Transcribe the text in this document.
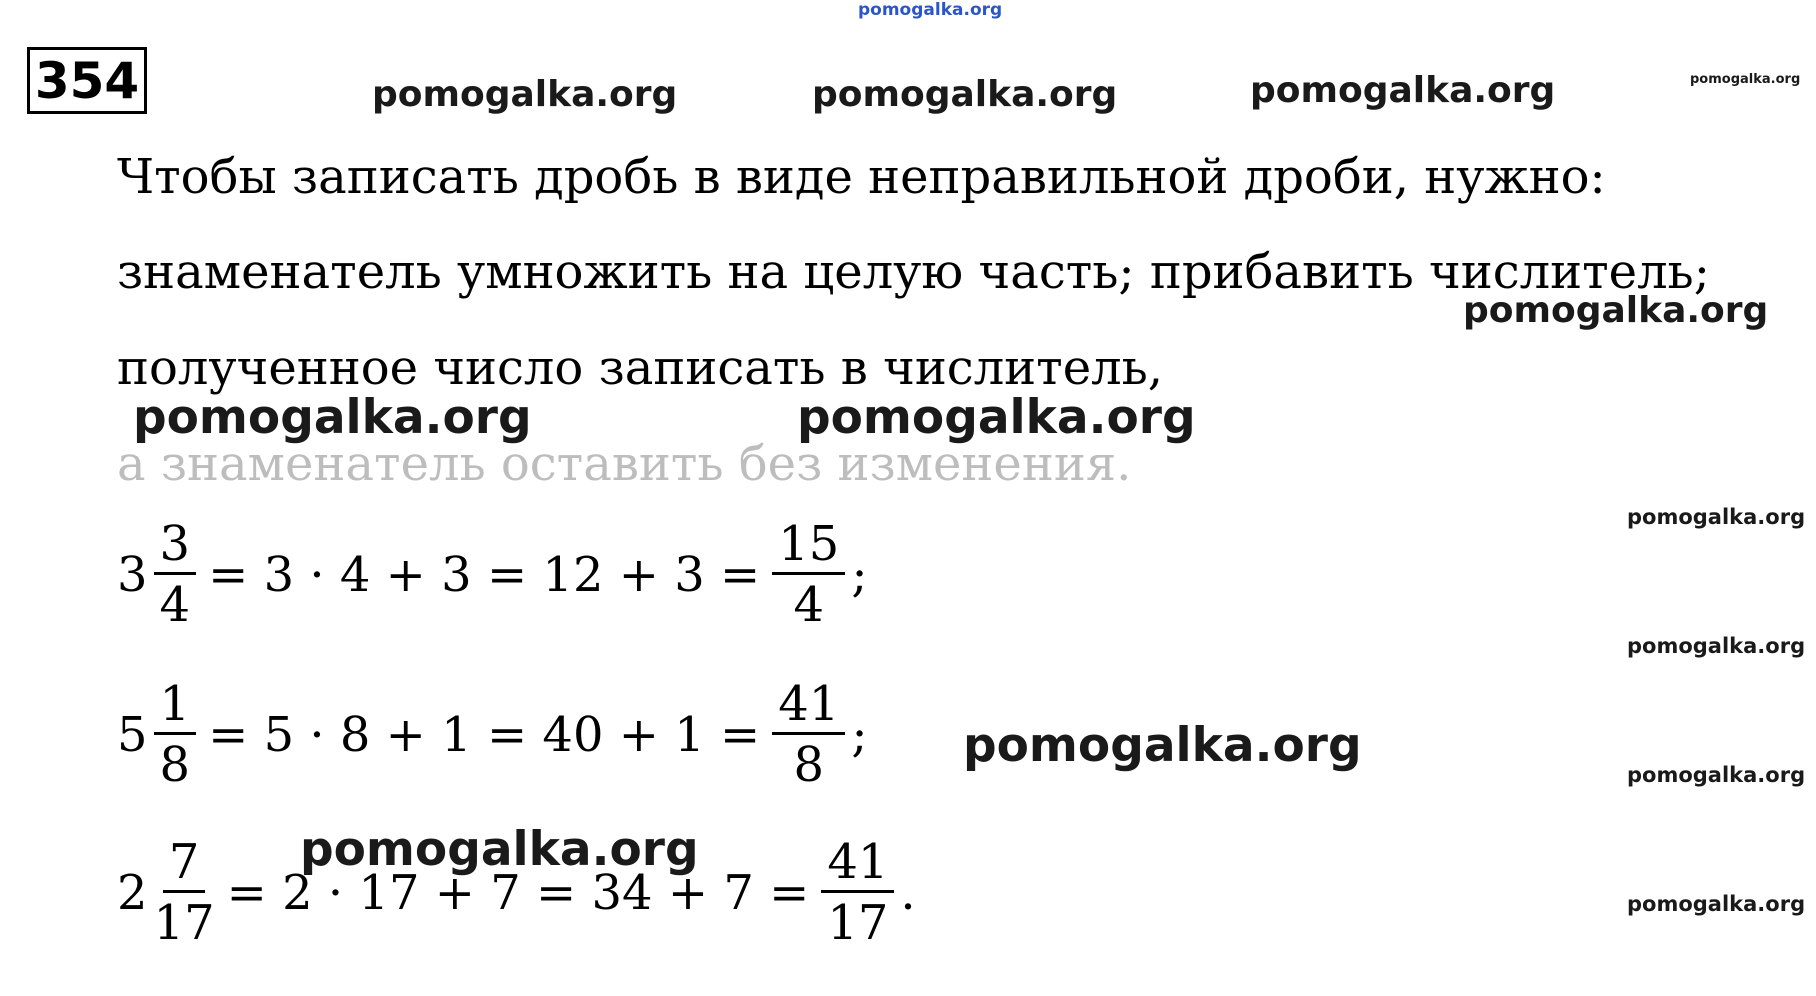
pomogalka.org
pomogalka.org	pomogalka.org	pomogalka.org	pomogalka.org
pomogalka.org
354
Чтобы записать дробь в виде неправильной дроби, нужно:
знаменатель умножить на целую часть; прибавить числитель;
полученное число записать в числитель,
а знаменатель оставить без изменения.
pomogalka.org	pomogalka.org
pomogalka.org
pomogalka.org
pomogalka.org
pomogalka.org
$3 \frac{3}{4} = 3 \cdot 4 + 3 = 12 + 3 = \frac{15}{4}$ ;
$5 \frac{1}{8} = 5 \cdot 8 + 1 = 40 + 1 = \frac{41}{8}$ ; pomogalka.org
pomogalka.org
$2 \frac{7}{17} = 2 \cdot 17 + 7 = 34 + 7 = \frac{41}{17}$ .
